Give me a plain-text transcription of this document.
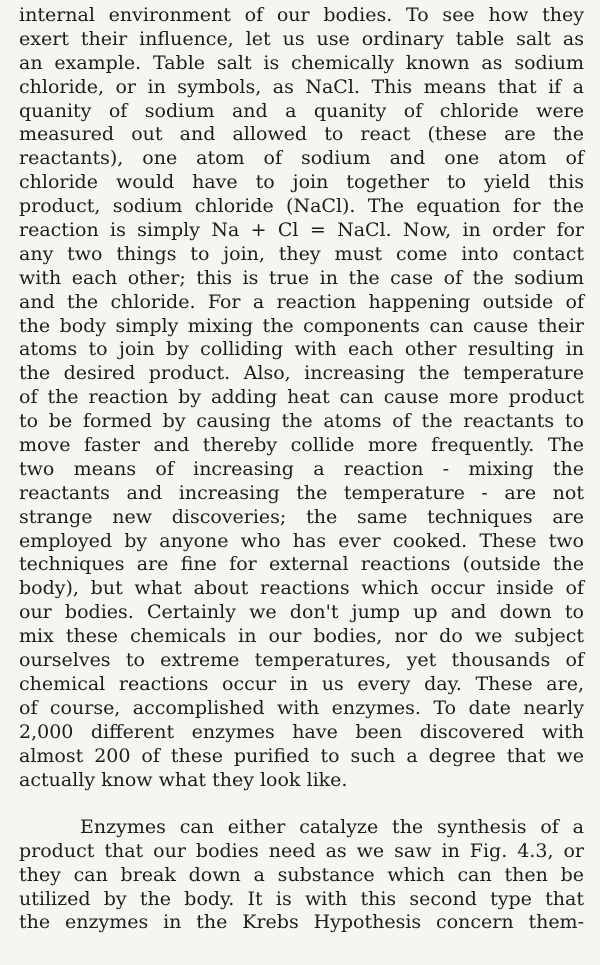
internal environment of our bodies. To see how they
exert their influence, let us use ordinary table salt as
an example. Table salt is chemically known as sodium
chloride, or in symbols, as NaCl. This means that if a
quanity of sodium and a quanity of chloride were
measured out and allowed to react (these are the
reactants), one atom of sodium and one atom of
chloride would have to join together to yield this
product, sodium chloride (NaCl). The equation for the
reaction is simply Na + Cl = NaCl. Now, in order for
any two things to join, they must come into contact
with each other; this is true in the case of the sodium
and the chloride. For a reaction happening outside of
the body simply mixing the components can cause their
atoms to join by colliding with each other resulting in
the desired product. Also, increasing the temperature
of the reaction by adding heat can cause more product
to be formed by causing the atoms of the reactants to
move faster and thereby collide more frequently. The
two means of increasing a reaction - mixing the
reactants and increasing the temperature - are not
strange new discoveries; the same techniques are
employed by anyone who has ever cooked. These two
techniques are fine for external reactions (outside the
body), but what about reactions which occur inside of
our bodies. Certainly we don't jump up and down to
mix these chemicals in our bodies, nor do we subject
ourselves to extreme temperatures, yet thousands of
chemical reactions occur in us every day. These are,
of course, accomplished with enzymes. To date nearly
2,000 different enzymes have been discovered with
almost 200 of these purified to such a degree that we
actually know what they look like.
Enzymes can either catalyze the synthesis of a
product that our bodies need as we saw in Fig. 4.3, or
they can break down a substance which can then be
utilized by the body. It is with this second type that
the enzymes in the Krebs Hypothesis concern them-
